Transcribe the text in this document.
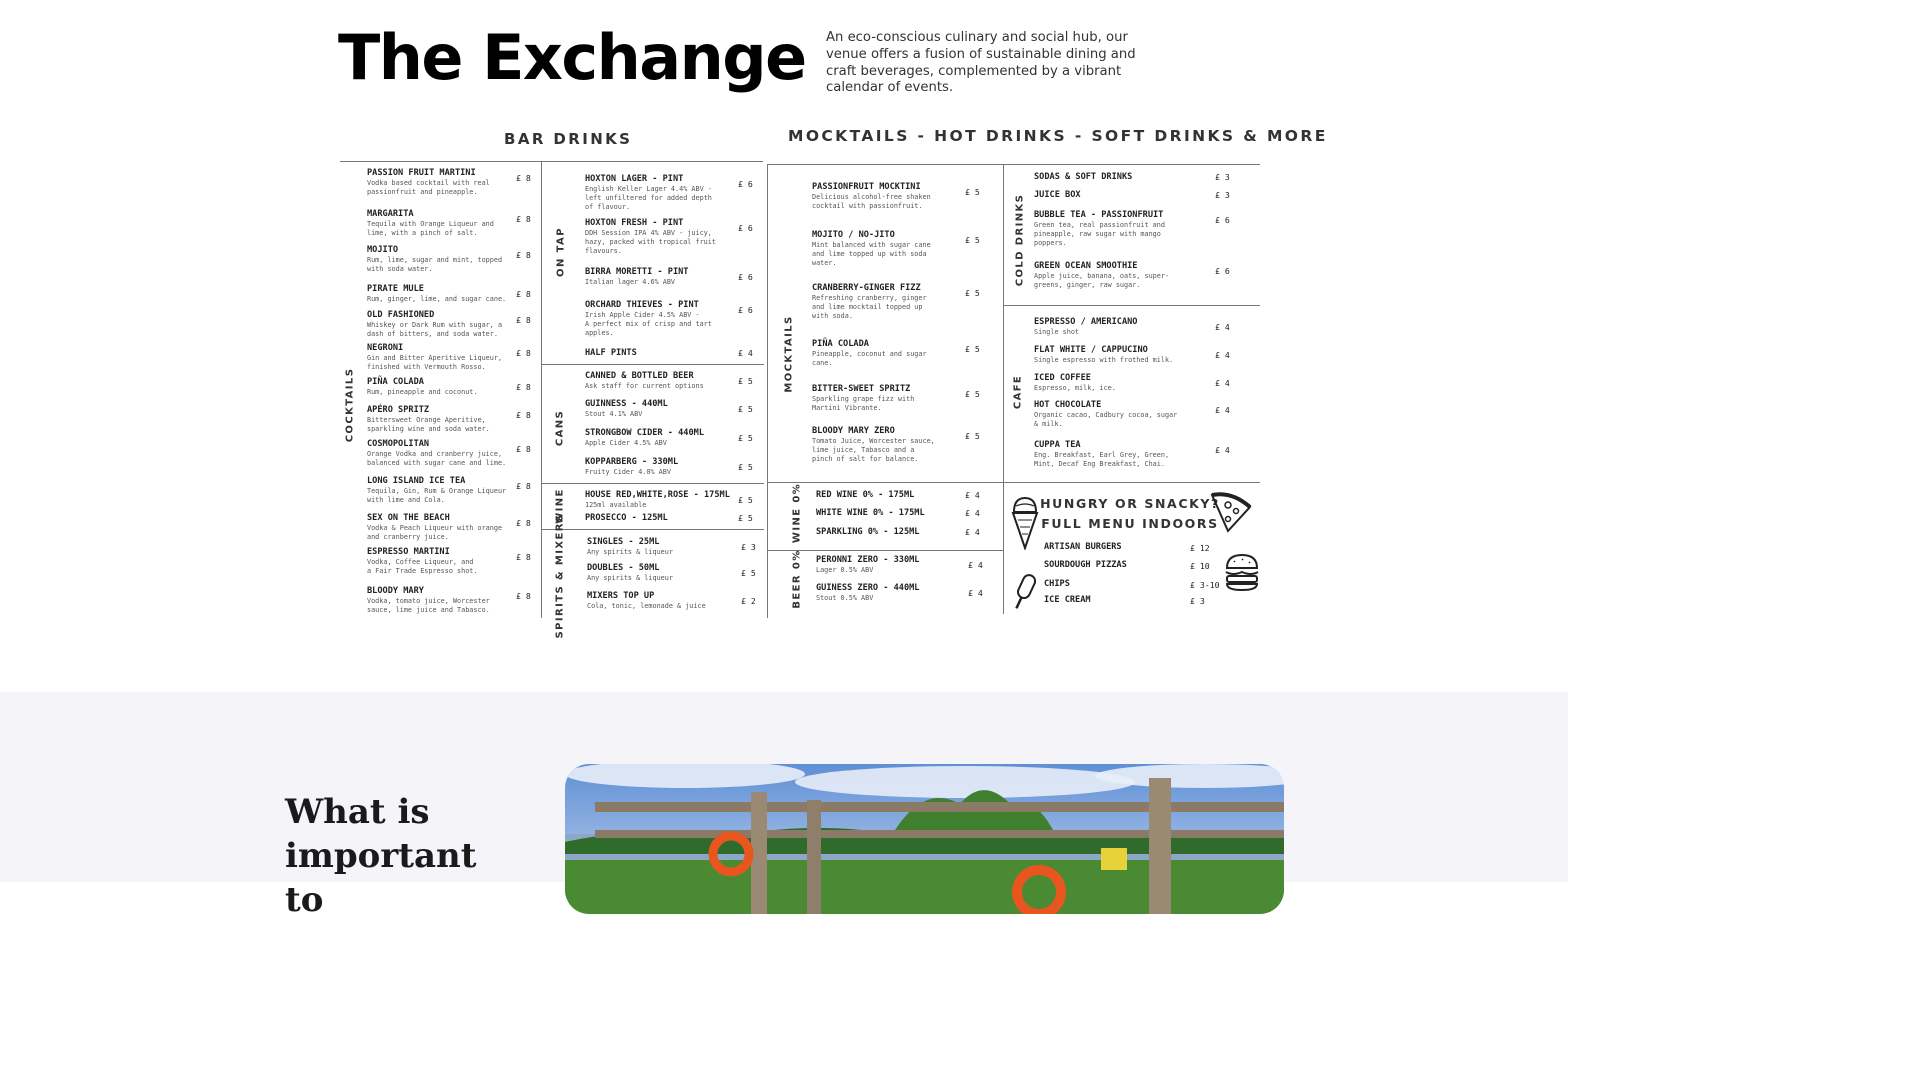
The Exchange An eco-conscious culinary and social hub, our venue offers a fusion of sustainable dining and craft beverages, complemented by a vibrant calendar of events.
BAR DRINKS	MOCKTAILS - HOT DRINKS - SOFT DRINKS & MORE
COCKTAILS
ON TAP
CANS
WINE
SPIRITS & MIXERS
MOCKTAILS
WINE 0%
BEER 0%
COLD DRINKS
CAFE
HUNGRY OR SNACKY?
FULL MENU INDOORS
PASSION FRUIT MARTINI
Vodka based cocktail with real
passionfruit and pineapple.
£ 8
MARGARITA
Tequila with Orange Liqueur and
lime, with a pinch of salt.
£ 8
MOJITO
Rum, lime, sugar and mint, topped
with soda water.
£ 8
PIRATE MULE
Rum, ginger, lime, and sugar cane. £ 8
OLD FASHIONED
Whiskey or Dark Rum with sugar, a
dash of bitters, and soda water.
£ 8
NEGRONI
Gin and Bitter Aperitive Liqueur,
finished with Vermouth Rosso.
£ 8
PIÑA COLADA
Rum, pineapple and coconut.	£ 8
APÉRO SPRITZ
Bittersweet Orange Aperitive,
sparkling wine and soda water.
£ 8
COSMOPOLITAN
Orange Vodka and cranberry juice,
balanced with sugar cane and lime.
£ 8
LONG ISLAND ICE TEA
Tequila, Gin, Rum & Orange Liqueur
with lime and Cola.
£ 8
SEX ON THE BEACH
Vodka & Peach Liqueur with orange
and cranberry juice.
£ 8
ESPRESSO MARTINI
Vodka, Coffee Liqueur, and
a Fair Trade Espresso shot.
£ 8
BLOODY MARY
Vodka, tomato juice, Worcester
sauce, lime juice and Tabasco.
£ 8
HOXTON LAGER - PINT
English Keller Lager 4.4% ABV -
left unfiltered for added depth
of flavour.
£ 6
HOXTON FRESH - PINT
DDH Session IPA 4% ABV - juicy,
hazy, packed with tropical fruit
flavours.
£ 6
BIRRA MORETTI - PINT
Italian lager 4.6% ABV	£ 6
ORCHARD THIEVES - PINT
Irish Apple Cider 4.5% ABV -
A perfect mix of crisp and tart
apples.
£ 6
HALF PINTS	£ 4
CANNED & BOTTLED BEER
Ask staff for current options	£ 5
GUINNESS - 440ML
Stout 4.1% ABV	£ 5
STRONGBOW CIDER - 440ML
Apple Cider 4.5% ABV	£ 5
KOPPARBERG - 330ML
Fruity Cider 4.0% ABV	£ 5
HOUSE RED,WHITE,ROSE - 175ML
125ml available	£ 5
PROSECCO - 125ML	£ 5
SINGLES - 25ML
Any spirits & liqueur	£ 3
DOUBLES - 50ML
Any spirits & liqueur	£ 5
MIXERS TOP UP
Cola, tonic, lemonade & juice	£ 2
PASSIONFRUIT MOCKTINI
Delicious alcohol-free shaken
cocktail with passionfruit.
£ 5
MOJITO / NO-JITO
Mint balanced with sugar cane
and lime topped up with soda
water.
£ 5
CRANBERRY-GINGER FIZZ
Refreshing cranberry, ginger
and lime mocktail topped up
with soda.
£ 5
PIÑA COLADA
Pineapple, coconut and sugar
cane.
£ 5
BITTER-SWEET SPRITZ
Sparkling grape fizz with
Martini Vibrante.
£ 5
BLOODY MARY ZERO
Tomato Juice, Worcester sauce,
lime juice, Tabasco and a
pinch of salt for balance.
£ 5
RED WINE 0% - 175ML	£ 4
WHITE WINE 0% - 175ML	£ 4
SPARKLING 0% - 125ML	£ 4
PERONNI ZERO - 330ML
Lager 0.5% ABV	£ 4
GUINESS ZERO - 440ML
Stout 0.5% ABV	£ 4
SODAS & SOFT DRINKS	£ 3
JUICE BOX	£ 3
BUBBLE TEA - PASSIONFRUIT
Green tea, real passionfruit and
pineapple, raw sugar with mango
poppers.
£ 6
GREEN OCEAN SMOOTHIE
Apple juice, banana, oats, super-
greens, ginger, raw sugar.
£ 6
ESPRESSO / AMERICANO
Single shot	£ 4
FLAT WHITE / CAPPUCINO
Single espresso with frothed milk.	£ 4
ICED COFFEE
Espresso, milk, ice.	£ 4
HOT CHOCOLATE
Organic cacao, Cadbury cocoa, sugar
& milk.
£ 4
CUPPA TEA
Eng. Breakfast, Earl Grey, Green,
Mint, Decaf Eng Breakfast, Chai.
£ 4
ARTISAN BURGERS	£ 12
SOURDOUGH PIZZAS	£ 10
CHIPS	£ 3-10
ICE CREAM	£ 3
What is important to
